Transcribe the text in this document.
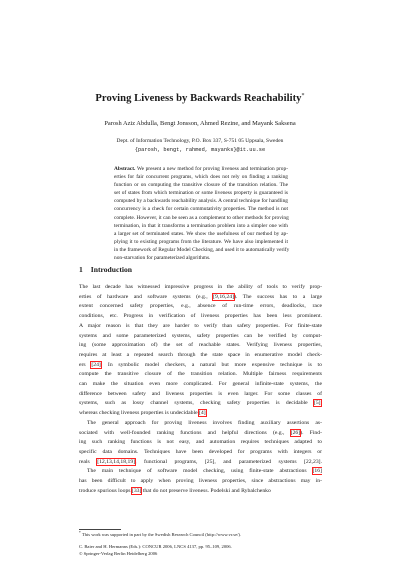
Proving Liveness by Backwards Reachability*
Parosh Aziz Abdulla, Bengt Jonsson, Ahmed Rezine, and Mayank Saksena
Dept. of Information Technology, P.O. Box 337, S-751 05 Uppsala, Sweden
{parosh, bengt, rahmed, mayanks}@it.uu.se
Abstract. We present a new method for proving liveness and termination prop-
erties for fair concurrent programs, which does not rely on finding a ranking
function or on computing the transitive closure of the transition relation. The
set of states from which termination or some liveness property is guaranteed is
computed by a backwards reachability analysis. A central technique for handling
concurrency is a check for certain commutativity properties. The method is not
complete. However, it can be seen as a complement to other methods for proving
termination, in that it transforms a termination problem into a simpler one with
a larger set of terminated states. We show the usefulness of our method by ap-
plying it to existing programs from the literature. We have also implemented it
in the framework of Regular Model Checking, and used it to automatically verify
non-starvation for parameterized algorithms.
1 Introduction
The last decade has witnessed impressive progress in the ability of tools to verify prop-
erties of hardware and software systems (e.g., [9,16,24]). The success has to a large
extent concerned safety properties, e.g., absence of run-time errors, deadlocks, race
conditions, etc. Progress in verification of liveness properties has been less prominent.
A major reason is that they are harder to verify than safety properties. For finite-state
systems and some parameterized systems, safety properties can be verified by comput-
ing (some approximation of) the set of reachable states. Verifying liveness properties,
requires at least a repeated search through the state space in enumerative model check-
ers [24]. In symbolic model checkers, a natural but more expensive technique is to
compute the transitive closure of the transition relation. Multiple fairness requirements
can make the situation even more complicated. For general infinite-state systems, the
difference between safety and liveness properties is even larger. For some classes of
systems, such as lossy channel systems, checking safety properties is decidable [5],
whereas checking liveness properties is undecidable [4].
The general approach for proving liveness involves finding auxiliary assertions as-
sociated with well-founded ranking functions and helpful directions (e.g., [26]). Find-
ing such ranking functions is not easy, and automation requires techniques adapted to
specific data domains. Techniques have been developed for programs with integers or
reals [12,13,14,18,19], functional programs, [25], and parameterized systems [22,23].
The main technique of software model checking, using finite-state abstractions [16]
has been difficult to apply when proving liveness properties, since abstractions may in-
troduce spurious loops [33] that do not preserve liveness. Podelski and Rybalchenko
* This work was supported in part by the Swedish Research Council (http://www.vr.se/).
C. Baier and H. Hermanns (Eds.): CONCUR 2006, LNCS 4137, pp. 95–109, 2006.
© Springer-Verlag Berlin Heidelberg 2006
